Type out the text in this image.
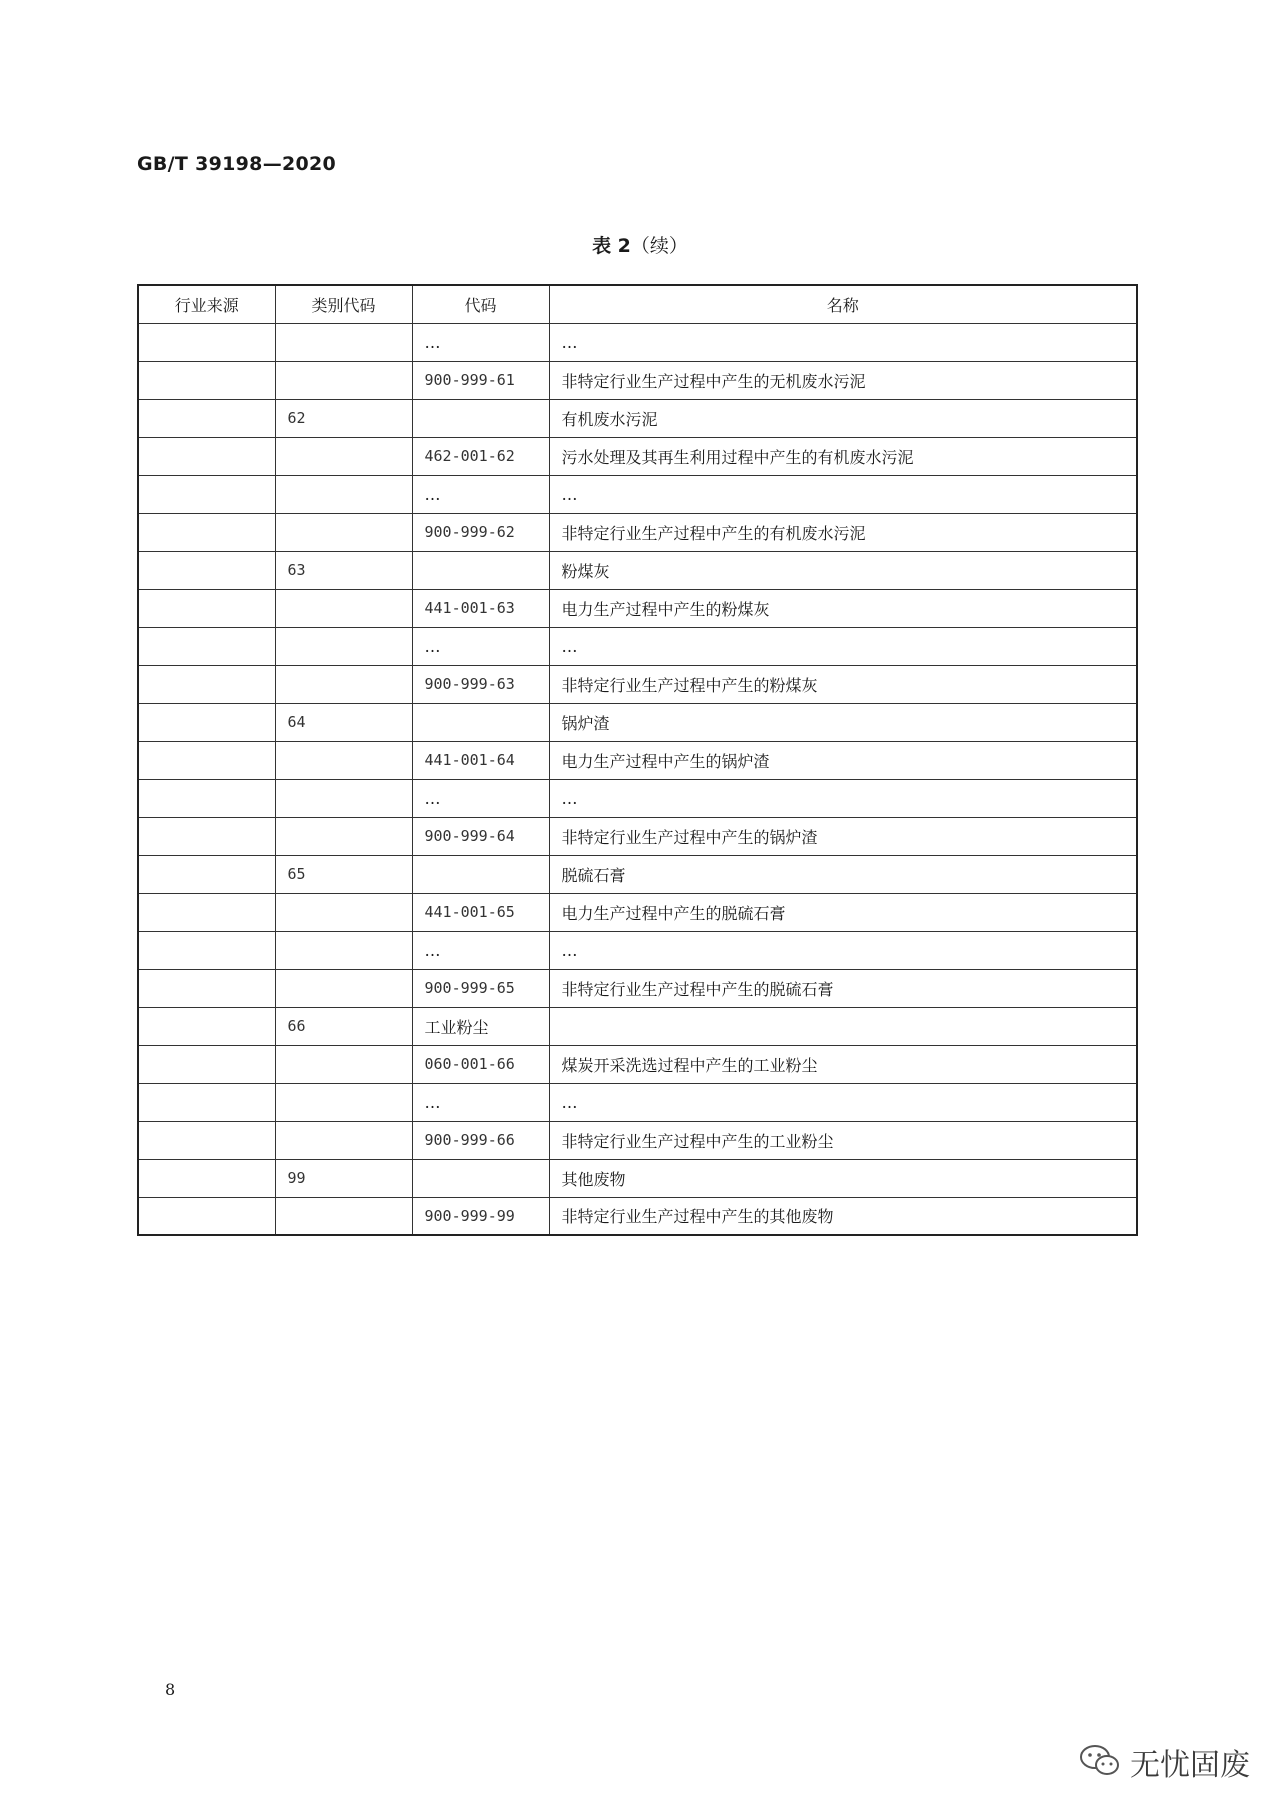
GB/T 39198—2020
表 2（续）
行业来源	类别代码	代码	名称
		…	…
		900-999-61	非特定行业生产过程中产生的无机废水污泥
	62		有机废水污泥
		462-001-62	污水处理及其再生利用过程中产生的有机废水污泥
		…	…
		900-999-62	非特定行业生产过程中产生的有机废水污泥
	63		粉煤灰
		441-001-63	电力生产过程中产生的粉煤灰
		…	…
		900-999-63	非特定行业生产过程中产生的粉煤灰
	64		锅炉渣
		441-001-64	电力生产过程中产生的锅炉渣
		…	…
		900-999-64	非特定行业生产过程中产生的锅炉渣
	65		脱硫石膏
		441-001-65	电力生产过程中产生的脱硫石膏
		…	…
		900-999-65	非特定行业生产过程中产生的脱硫石膏
	66	工业粉尘	
		060-001-66	煤炭开采洗选过程中产生的工业粉尘
		…	…
		900-999-66	非特定行业生产过程中产生的工业粉尘
	99		其他废物
		900-999-99	非特定行业生产过程中产生的其他废物
8
无忧固废
